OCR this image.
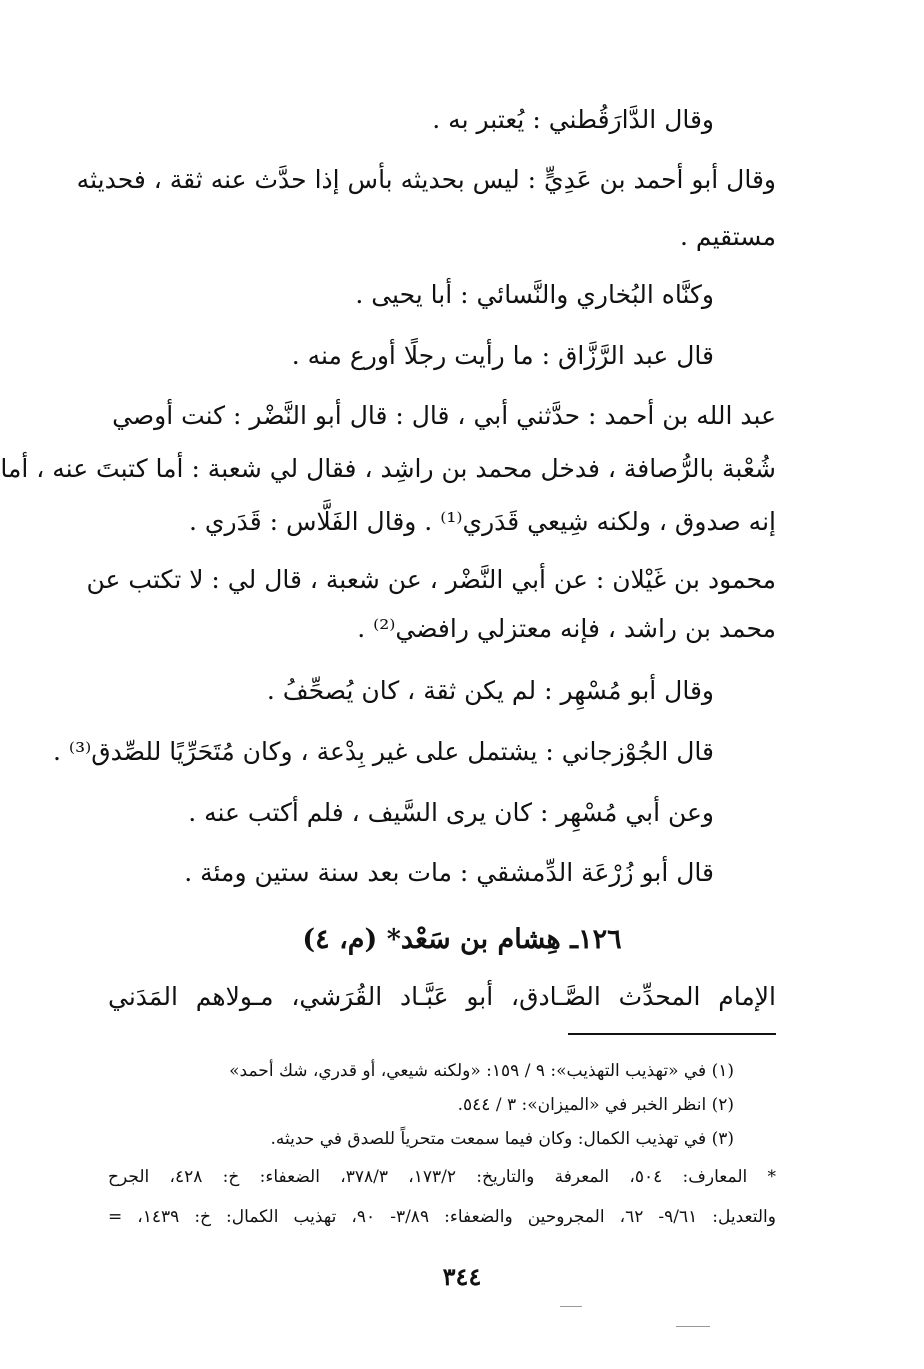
وقال الدَّارَقُطني : يُعتبر به .
وقال أبو أحمد بن عَدِيٍّ : ليس بحديثه بأس إذا حدَّث عنه ثقة ، فحديثه
مستقيم .
وكنَّاه البُخاري والنَّسائي : أبا يحيى .
قال عبد الرَّزَّاق : ما رأيت رجلًا أورع منه .
عبد الله بن أحمد : حدَّثني أبي ، قال : قال أبو النَّضْر : كنت أوصي
شُعْبة بالرُّصافة ، فدخل محمد بن راشِد ، فقال لي شعبة : أما كتبتَ عنه ، أما
إنه صدوق ، ولكنه شِيعي قَدَري⁽¹⁾ . وقال الفَلَّاس : قَدَري .
محمود بن غَيْلان : عن أبي النَّضْر ، عن شعبة ، قال لي : لا تكتب عن
محمد بن راشد ، فإنه معتزلي رافضي⁽²⁾ .
وقال أبو مُسْهِر : لم يكن ثقة ، كان يُصحِّفُ .
قال الجُوْزجاني : يشتمل على غير بِدْعة ، وكان مُتَحَرِّيًا للصِّدق⁽³⁾ .
وعن أبي مُسْهِر : كان يرى السَّيف ، فلم أكتب عنه .
قال أبو زُرْعَة الدِّمشقي : مات بعد سنة ستين ومئة .
١٢٦ـ هِشام بن سَعْد* (م، ٤)
الإمام المحدِّث الصَّـادق، أبو عَبَّـاد القُرَشي، مـولاهم المَدَني
(١) في «تهذيب التهذيب»: ٩ / ١٥٩: «ولكنه شيعي، أو قدري، شك أحمد»
(٢) انظر الخبر في «الميزان»: ٣ / ٥٤٤.
(٣) في تهذيب الكمال: وكان فيما سمعت متحرياً للصدق في حديثه.
* المعارف: ٥٠٤، المعرفة والتاريخ: ١٧٣/٢، ٣٧٨/٣، الضعفاء: خ: ٤٢٨، الجرح
والتعديل: ٩/٦١- ٦٢، المجروحين والضعفاء: ٣/٨٩- ٩٠، تهذيب الكمال: خ: ١٤٣٩، =
٣٤٤
